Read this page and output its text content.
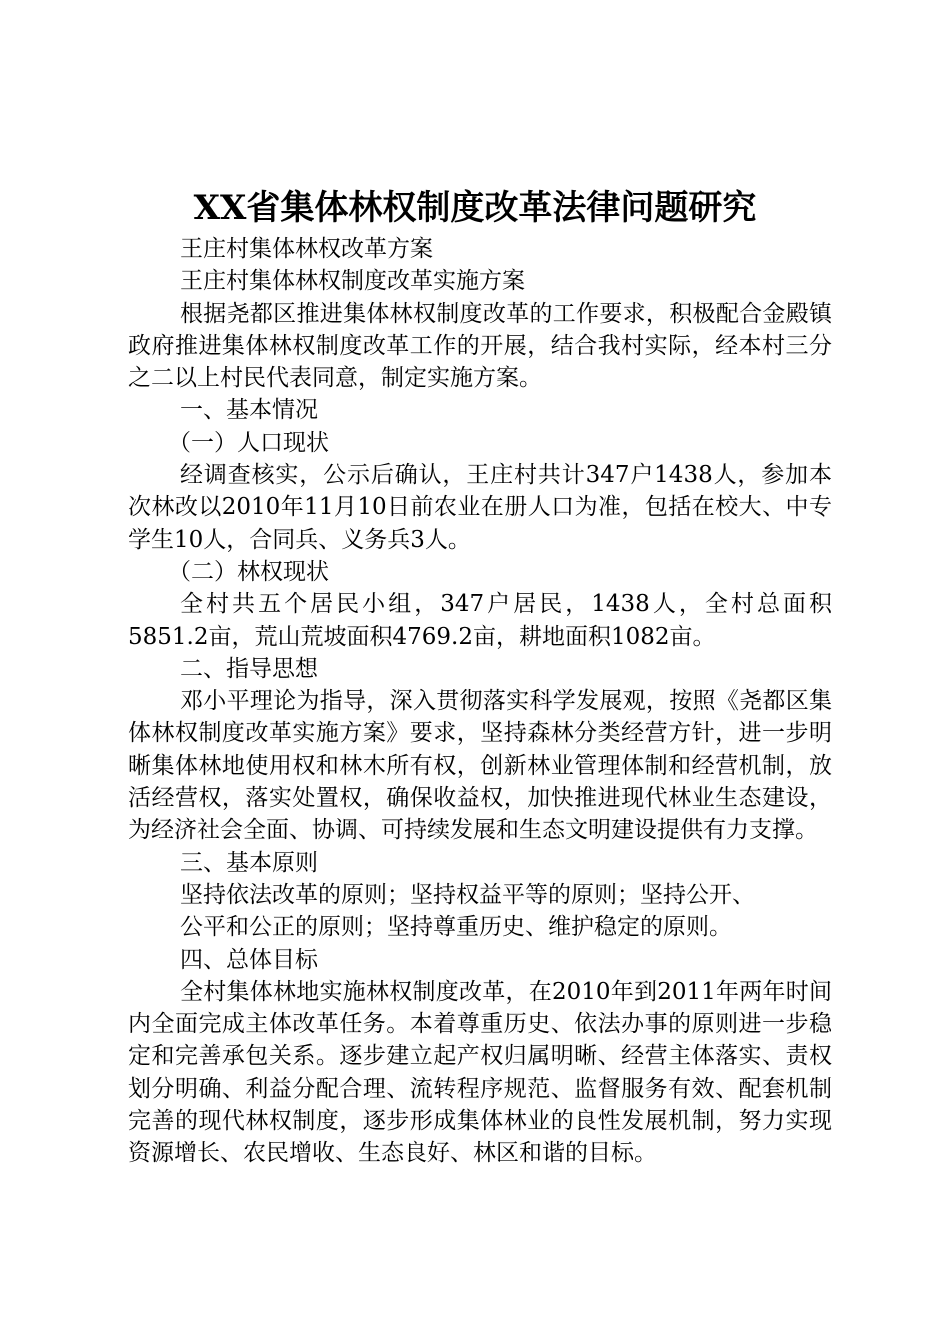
XX省集体林权制度改革法律问题研究

王庄村集体林权改革方案

王庄村集体林权制度改革实施方案

根据尧都区推进集体林权制度改革的工作要求，积极配合金殿镇政府推进集体林权制度改革工作的开展，结合我村实际，经本村三分之二以上村民代表同意，制定实施方案。

一、基本情况

（一）人口现状

经调查核实，公示后确认，王庄村共计347户1438人，参加本次林改以2010年11月10日前农业在册人口为准，包括在校大、中专学生10人，合同兵、义务兵3人。

（二）林权现状

全村共五个居民小组，347户居民，1438人，全村总面积5851.2亩，荒山荒坡面积4769.2亩，耕地面积1082亩。

二、指导思想

邓小平理论为指导，深入贯彻落实科学发展观，按照《尧都区集体林权制度改革实施方案》要求，坚持森林分类经营方针，进一步明晰集体林地使用权和林木所有权，创新林业管理体制和经营机制，放活经营权，落实处置权，确保收益权，加快推进现代林业生态建设，为经济社会全面、协调、可持续发展和生态文明建设提供有力支撑。

三、基本原则

坚持依法改革的原则；坚持权益平等的原则；坚持公开、

公平和公正的原则；坚持尊重历史、维护稳定的原则。

四、总体目标

全村集体林地实施林权制度改革，在2010年到2011年两年时间内全面完成主体改革任务。本着尊重历史、依法办事的原则进一步稳定和完善承包关系。逐步建立起产权归属明晰、经营主体落实、责权划分明确、利益分配合理、流转程序规范、监督服务有效、配套机制完善的现代林权制度，逐步形成集体林业的良性发展机制，努力实现资源增长、农民增收、生态良好、林区和谐的目标。
